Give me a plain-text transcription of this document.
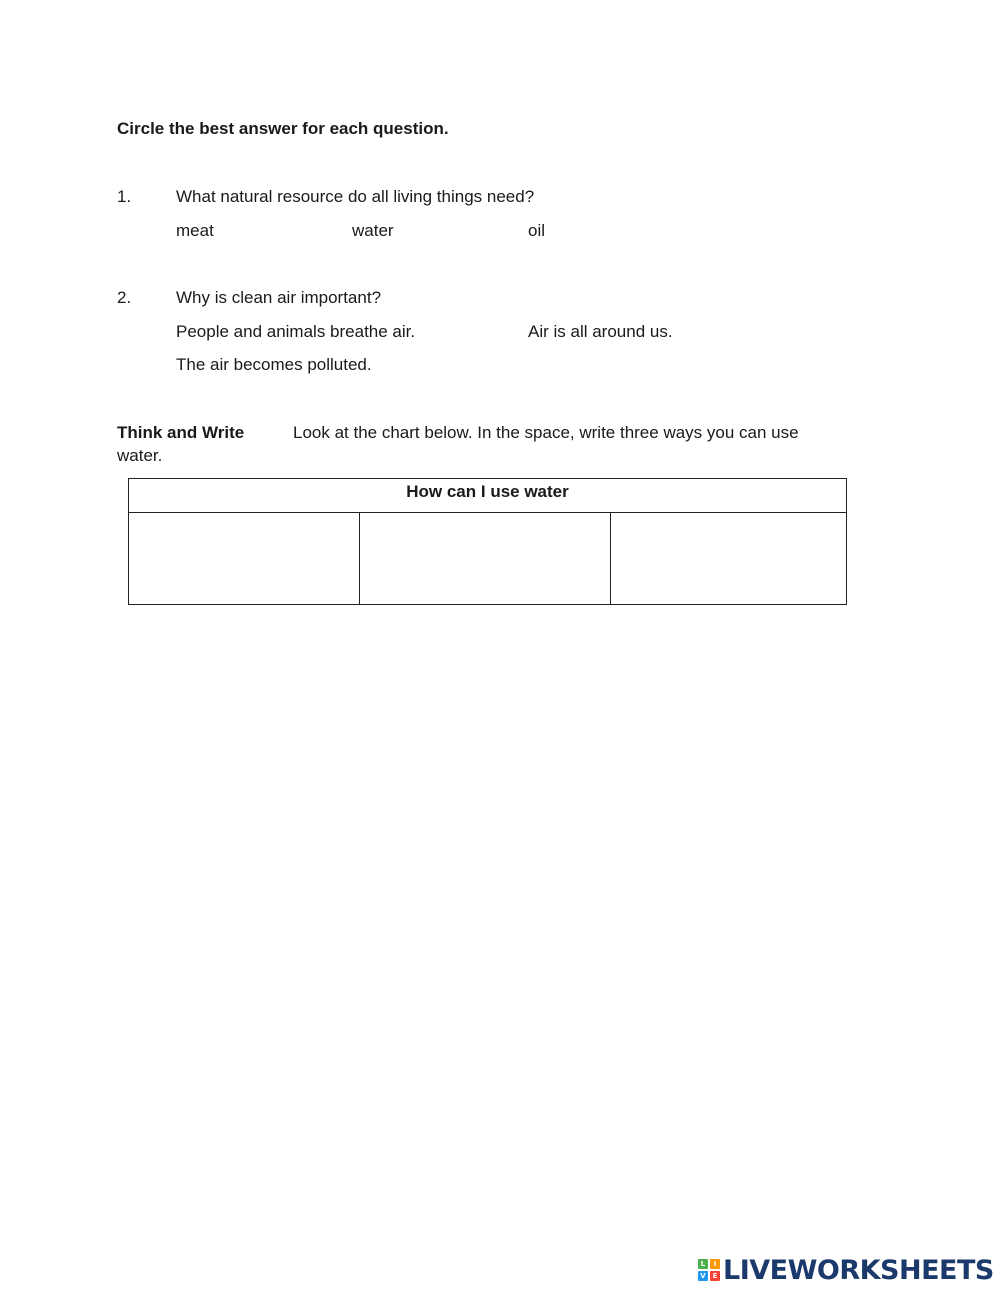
Circle the best answer for each question.
1.	What natural resource do all living things need?
meat	water	oil
2.	Why is clean air important?
People and animals breathe air.	Air is all around us.
The air becomes polluted.
Think and Write	Look at the chart below. In the space, write three ways you can use
water.
How can I use water

L	I
V E LIVEWORKSHEETS
